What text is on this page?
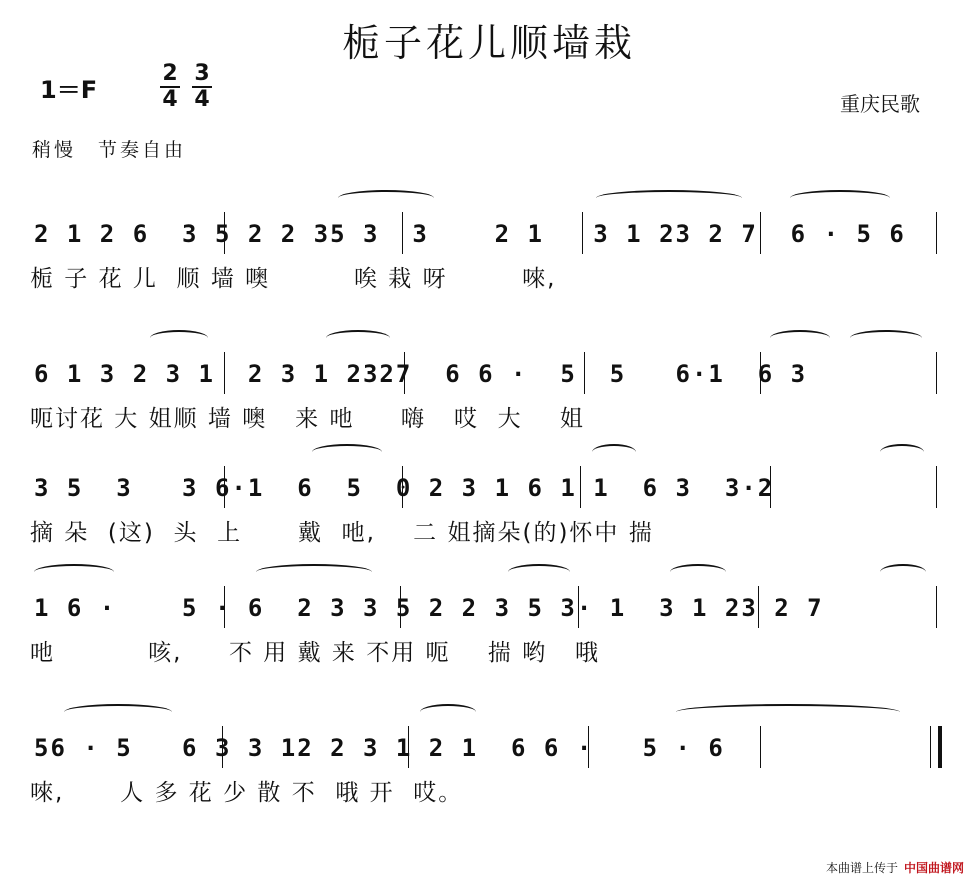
栀子花儿顺墙栽
1＝F
2
4
3
4	重庆民歌
稍慢　节奏自由
2 1 2 6  3 5 2 2 35 3  3    2 1   3 1 23 2 7  6 · 5 6
栀 子 花 儿  顺 墙 噢         唉 栽 呀        唻,
6 1 3 2 3 1  2 3 1 2327  6 6 ·  5  5   6·1  6 3
呃讨花 大 姐顺 墙 噢   来 吔     嗨   哎  大    姐
3 5  3   3 6·1  6  5  0 2 3 1 6 1 1  6 3  3·2
摘 朵  (这)  头  上      戴  吔,    二 姐摘朵(的)怀中 揣
1 6 ·    5 · 6  2 3 3 5 2 2 3 5 3· 1  3 1 23 2 7
吔          咳,     不 用 戴 来 不用 呃    揣 哟   哦
56 · 5   6 3 3 12 2 3 1 2 1  6 6 ·   5 · 6
唻,      人 多 花 少 散 不  哦 开  哎。
本曲谱上传于 中国曲谱网
